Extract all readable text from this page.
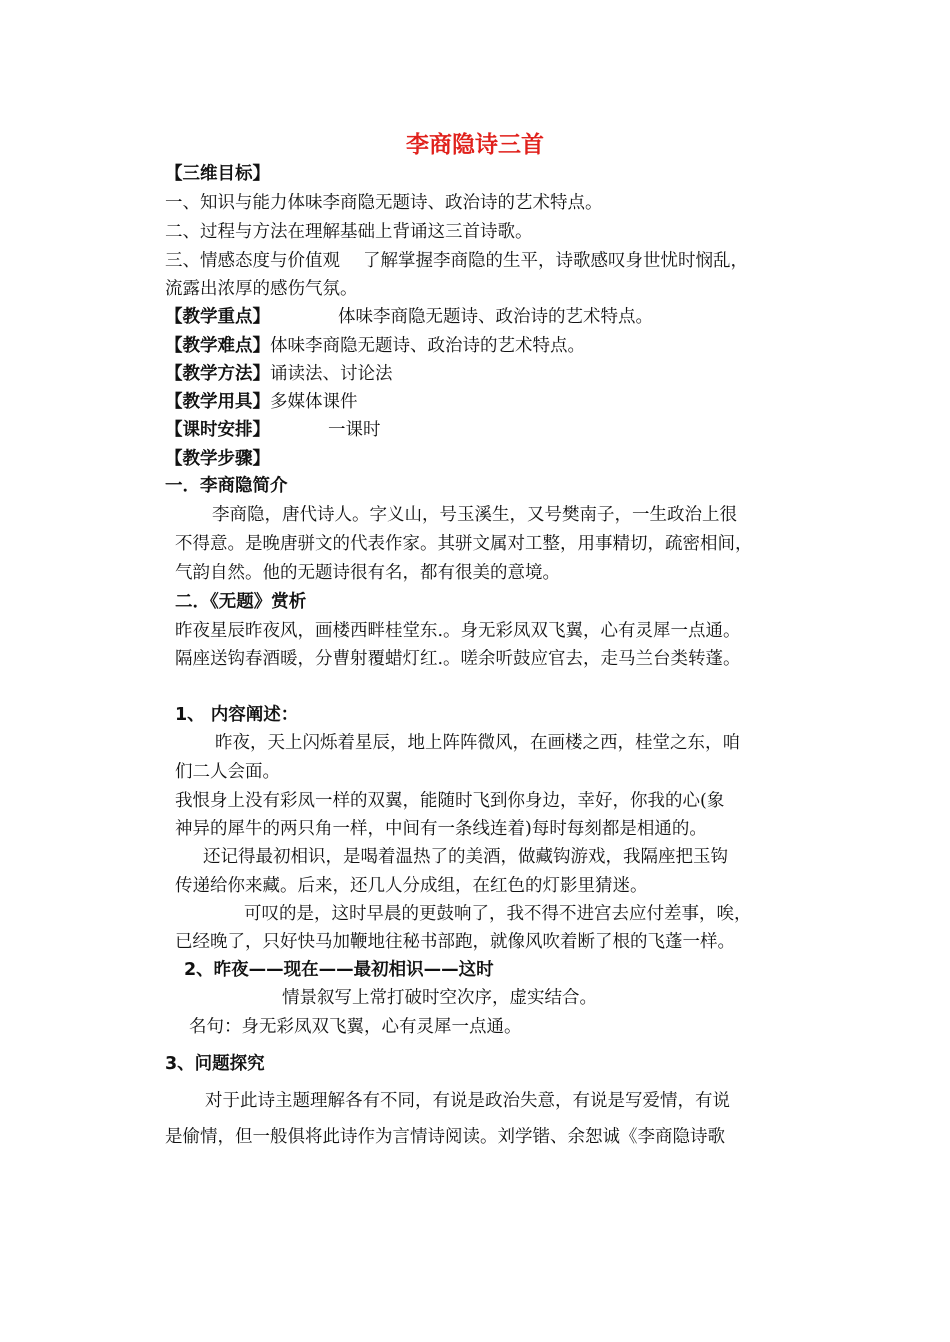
李商隐诗三首
【三维目标】
一、知识与能力体味李商隐无题诗、政治诗的艺术特点。
二、过程与方法在理解基础上背诵这三首诗歌。
三、情感态度与价值观　 了解掌握李商隐的生平，诗歌感叹身世忧时悯乱，
流露出浓厚的感伤气氛。
【教学重点】	体味李商隐无题诗、政治诗的艺术特点。
【教学难点】体味李商隐无题诗、政治诗的艺术特点。
【教学方法】诵读法、讨论法
【教学用具】多媒体课件
【课时安排】	一课时
【教学步骤】
一．李商隐简介
李商隐，唐代诗人。字义山，号玉溪生，又号樊南子，一生政治上很
不得意。是晚唐骈文的代表作家。其骈文属对工整，用事精切，疏密相间，
气韵自然。他的无题诗很有名，都有很美的意境。
二．《无题》赏析
昨夜星辰昨夜风，画楼西畔桂堂东.。身无彩凤双飞翼，心有灵犀一点通。
隔座送钩春酒暖，分曹射覆蜡灯红.。嗟余听鼓应官去，走马兰台类转蓬。
1、 内容阐述：
昨夜，天上闪烁着星辰，地上阵阵微风，在画楼之西，桂堂之东，咱
们二人会面。
我恨身上没有彩凤一样的双翼，能随时飞到你身边，幸好，你我的心(象
神异的犀牛的两只角一样，中间有一条线连着)每时每刻都是相通的。
还记得最初相识，是喝着温热了的美酒，做藏钩游戏，我隔座把玉钩
传递给你来藏。后来，还几人分成组，在红色的灯影里猜迷。
可叹的是，这时早晨的更鼓响了，我不得不进宫去应付差事，唉，
已经晚了，只好快马加鞭地往秘书部跑，就像风吹着断了根的飞蓬一样。
2、昨夜——现在——最初相识——这时
情景叙写上常打破时空次序，虚实结合。
名句：身无彩凤双飞翼，心有灵犀一点通。
3、问题探究
对于此诗主题理解各有不同，有说是政治失意，有说是写爱情，有说
是偷情，但一般俱将此诗作为言情诗阅读。刘学锴、余恕诚《李商隐诗歌
